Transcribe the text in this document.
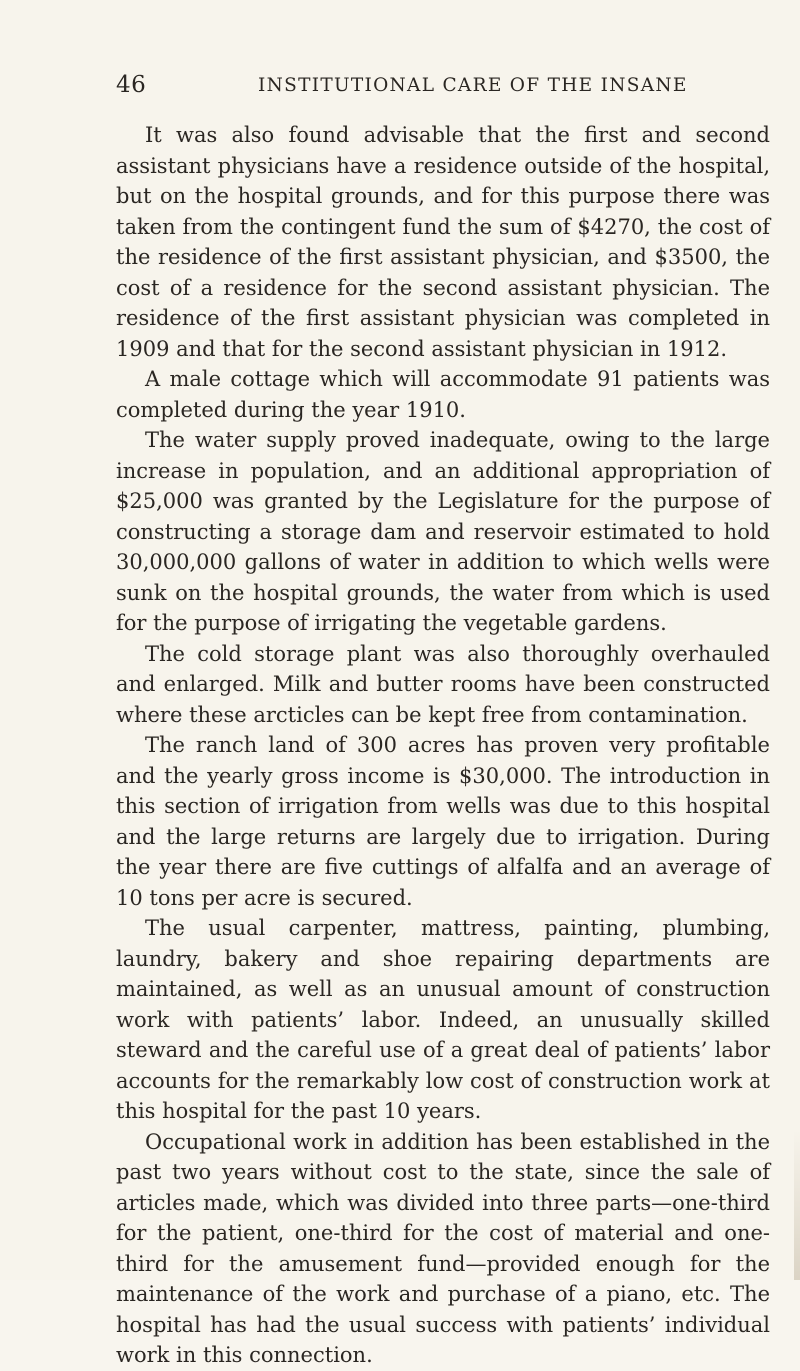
46	INSTITUTIONAL CARE OF THE INSANE

It was also found advisable that the first and second assistant physicians have a residence outside of the hospital, but on the hospital grounds, and for this purpose there was taken from the contingent fund the sum of $4270, the cost of the residence of the first assistant physician, and $3500, the cost of a residence for the second assistant physician. The residence of the first assistant physician was completed in 1909 and that for the second assistant physician in 1912.

A male cottage which will accommodate 91 patients was completed during the year 1910.

The water supply proved inadequate, owing to the large increase in population, and an additional appropriation of $25,000 was granted by the Legislature for the purpose of constructing a storage dam and reservoir estimated to hold 30,000,000 gallons of water in addition to which wells were sunk on the hospital grounds, the water from which is used for the purpose of irrigating the vegetable gardens.

The cold storage plant was also thoroughly overhauled and enlarged. Milk and butter rooms have been constructed where these arcticles can be kept free from contamination.

The ranch land of 300 acres has proven very profitable and the yearly gross income is $30,000. The introduction in this section of irrigation from wells was due to this hospital and the large returns are largely due to irrigation. During the year there are five cuttings of alfalfa and an average of 10 tons per acre is secured.

The usual carpenter, mattress, painting, plumbing, laundry, bakery and shoe repairing departments are maintained, as well as an unusual amount of construction work with patients’ labor. Indeed, an unusually skilled steward and the careful use of a great deal of patients’ labor accounts for the remarkably low cost of construction work at this hospital for the past 10 years.

Occupational work in addition has been established in the past two years without cost to the state, since the sale of articles made, which was divided into three parts—one-third for the patient, one-third for the cost of material and one-third for the amusement fund—provided enough for the maintenance of the work and purchase of a piano, etc. The hospital has had the usual success with patients’ individual work in this connection.
